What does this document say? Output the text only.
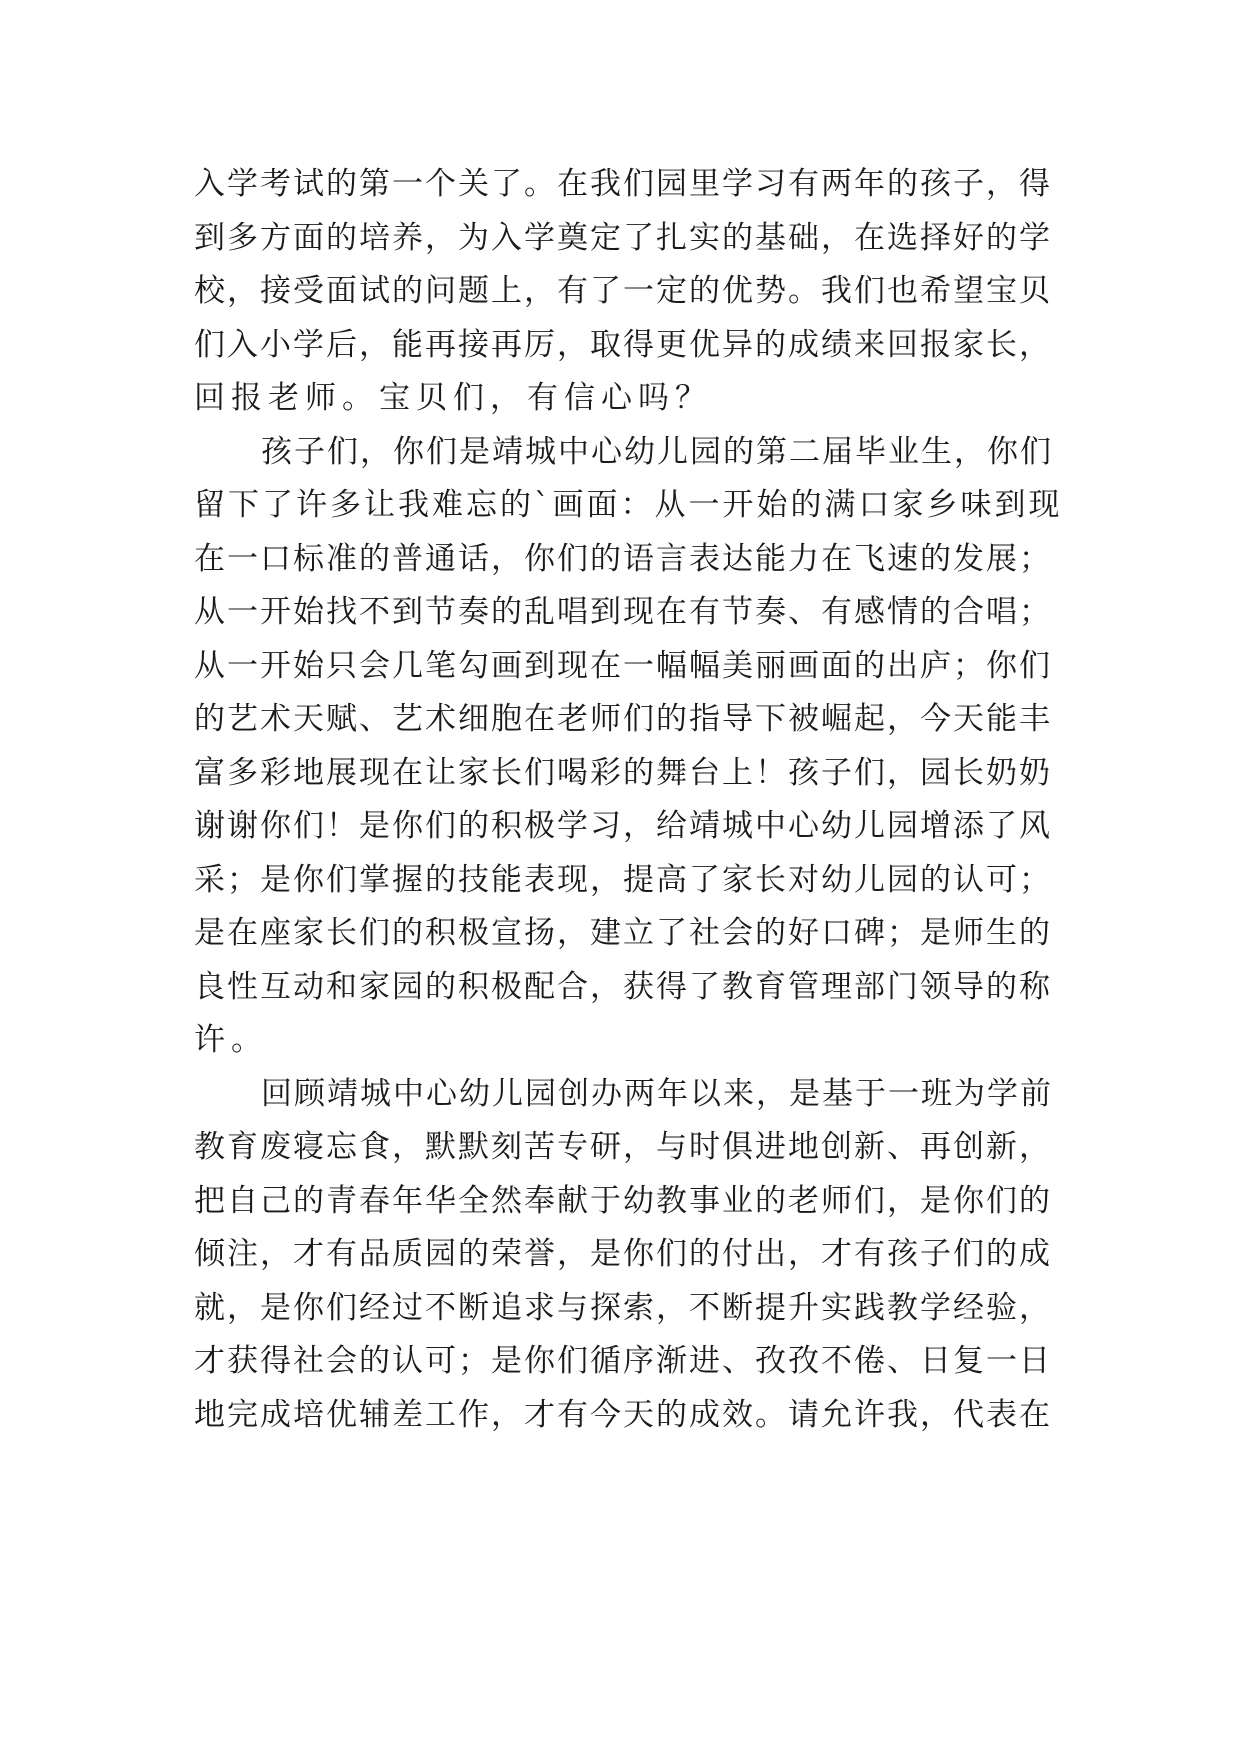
入学考试的第一个关了。在我们园里学习有两年的孩子，得
到多方面的培养，为入学奠定了扎实的基础，在选择好的学
校，接受面试的问题上，有了一定的优势。我们也希望宝贝
们入小学后，能再接再厉，取得更优异的成绩来回报家长，
回报老师。宝贝们，有信心吗？
孩子们，你们是靖城中心幼儿园的第二届毕业生，你们
留下了许多让我难忘的`画面：从一开始的满口家乡味到现
在一口标准的普通话，你们的语言表达能力在飞速的发展；
从一开始找不到节奏的乱唱到现在有节奏、有感情的合唱；
从一开始只会几笔勾画到现在一幅幅美丽画面的出庐；你们
的艺术天赋、艺术细胞在老师们的指导下被崛起，今天能丰
富多彩地展现在让家长们喝彩的舞台上！孩子们，园长奶奶
谢谢你们！是你们的积极学习，给靖城中心幼儿园增添了风
采；是你们掌握的技能表现，提高了家长对幼儿园的认可；
是在座家长们的积极宣扬，建立了社会的好口碑；是师生的
良性互动和家园的积极配合，获得了教育管理部门领导的称
许。
回顾靖城中心幼儿园创办两年以来，是基于一班为学前
教育废寝忘食，默默刻苦专研，与时俱进地创新、再创新，
把自己的青春年华全然奉献于幼教事业的老师们，是你们的
倾注，才有品质园的荣誉，是你们的付出，才有孩子们的成
就，是你们经过不断追求与探索，不断提升实践教学经验，
才获得社会的认可；是你们循序渐进、孜孜不倦、日复一日
地完成培优辅差工作，才有今天的成效。请允许我，代表在
